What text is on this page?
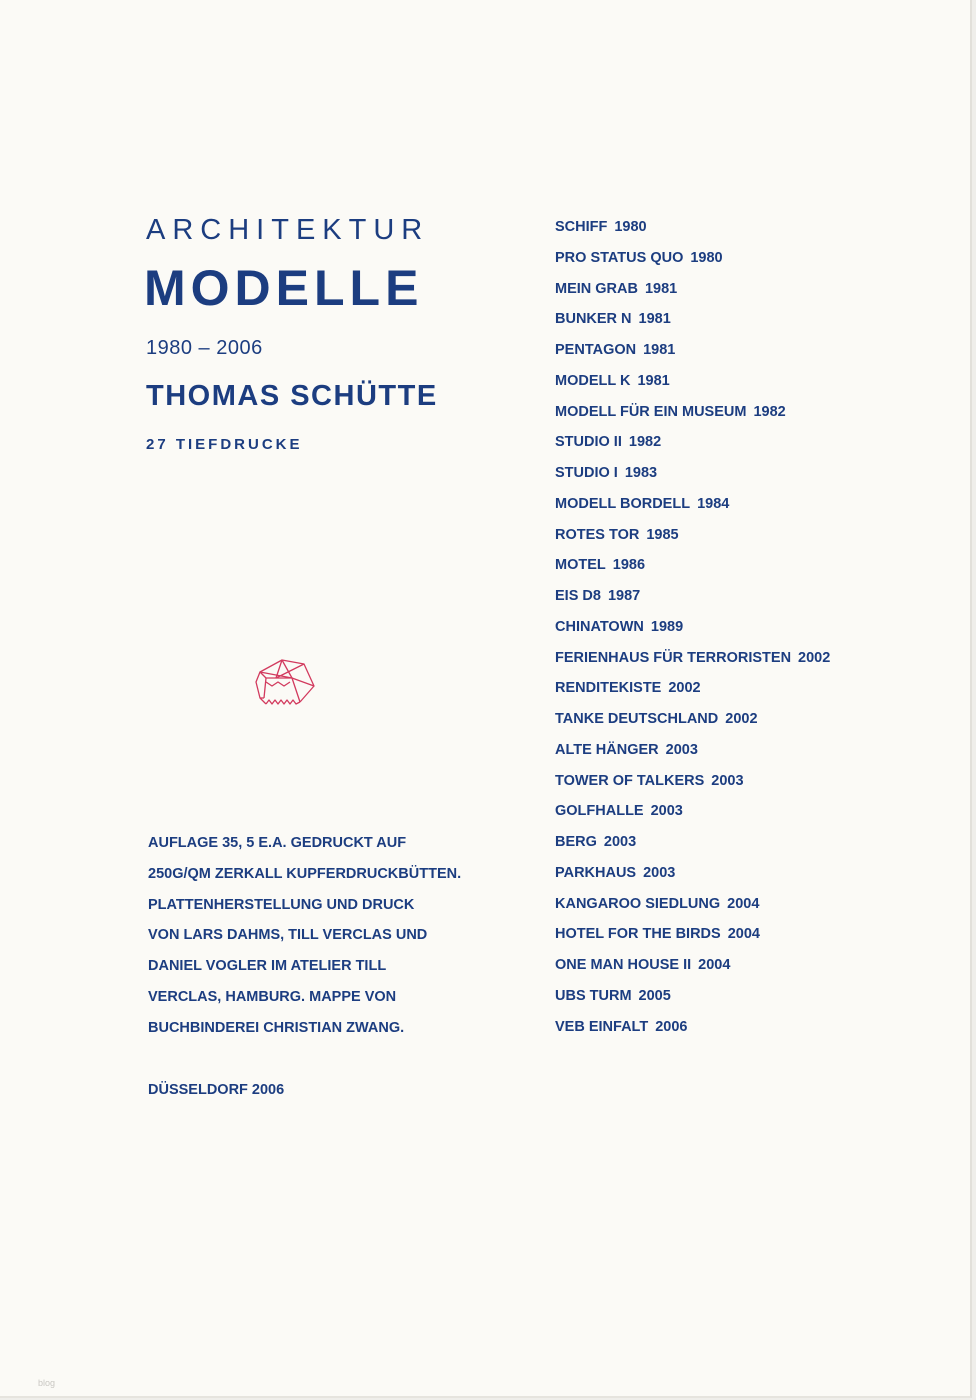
ARCHITEKTUR
MODELLE
1980 – 2006
THOMAS SCHÜTTE
27 TIEFDRUCKE
AUFLAGE 35, 5 E.A. GEDRUCKT AUF
250G/QM ZERKALL KUPFERDRUCKBÜTTEN.
PLATTENHERSTELLUNG UND DRUCK
VON LARS DAHMS, TILL VERCLAS UND
DANIEL VOGLER IM ATELIER TILL
VERCLAS, HAMBURG. MAPPE VON
BUCHBINDEREI CHRISTIAN ZWANG.
DÜSSELDORF 2006
SCHIFF 1980
PRO STATUS QUO 1980
MEIN GRAB 1981
BUNKER N 1981
PENTAGON 1981
MODELL K 1981
MODELL FÜR EIN MUSEUM 1982
STUDIO II 1982
STUDIO I 1983
MODELL BORDELL 1984
ROTES TOR 1985
MOTEL 1986
EIS D8 1987
CHINATOWN 1989
FERIENHAUS FÜR TERRORISTEN 2002
RENDITEKISTE 2002
TANKE DEUTSCHLAND 2002
ALTE HÄNGER 2003
TOWER OF TALKERS 2003
GOLFHALLE 2003
BERG 2003
PARKHAUS 2003
KANGAROO SIEDLUNG 2004
HOTEL FOR THE BIRDS 2004
ONE MAN HOUSE II 2004
UBS TURM 2005
VEB EINFALT 2006
blog
